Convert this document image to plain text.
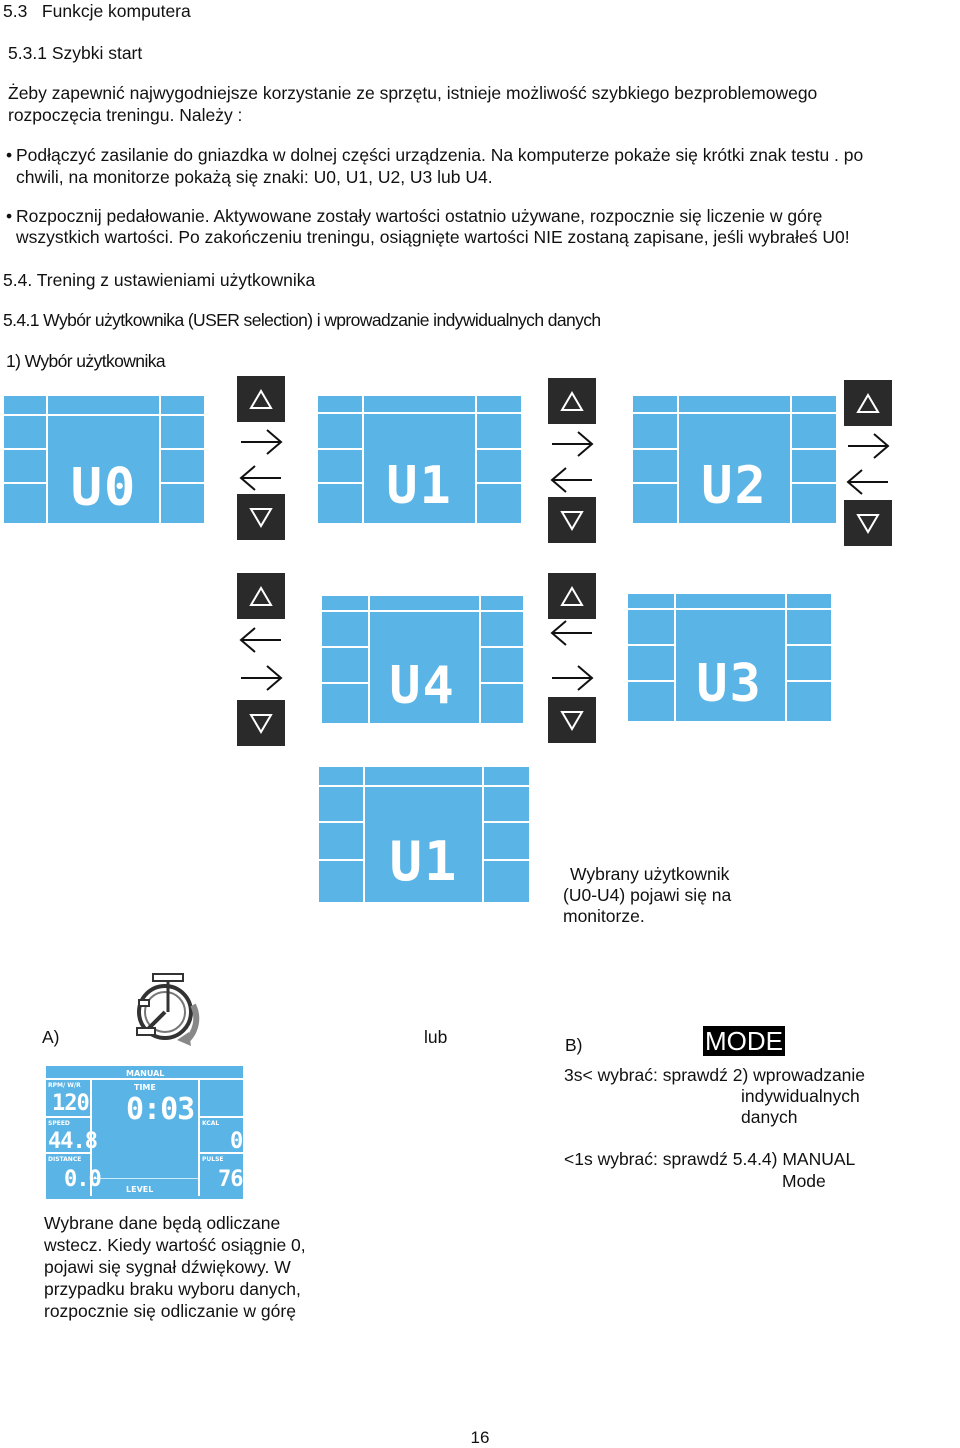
5.3 Funkcje komputera
5.3.1 Szybki start
Żeby zapewnić najwygodniejsze korzystanie ze sprzętu, istnieje możliwość szybkiego bezproblemowego rozpoczęcia treningu. Należy :
• Podłączyć zasilanie do gniazdka w dolnej części urządzenia. Na komputerze pokaże się krótki znak testu . po
chwili, na monitorze pokażą się znaki: U0, U1, U2, U3 lub U4.
• Rozpocznij pedałowanie. Aktywowane zostały wartości ostatnio używane, rozpocznie się liczenie w górę
wszystkich wartości. Po zakończeniu treningu, osiągnięte wartości NIE zostaną zapisane, jeśli wybrałeś U0!
5.4. Trening z ustawieniami użytkownika
5.4.1 Wybór użytkownika (USER selection) i wprowadzanie indywidualnych danych
1) Wybór użytkownika
U0	U1	U2
U4	U3
U1	Wybrany użytkownik
(U0-U4) pojawi się na
monitorze.
A)	lub	B)	MODE
3s< wybrać: sprawdź 2) wprowadzanie
indywidualnych
danych
<1s wybrać: sprawdź 5.4.4) MANUAL
Mode
MANUAL
RPM/ W/R
120
TIME
0:03
SPEED
44.8
KCAL
0
DISTANCE
0.0
PULSE
76
LEVEL
Wybrane dane będą odliczane
wstecz. Kiedy wartość osiągnie 0,
pojawi się sygnał dźwiękowy. W
przypadku braku wyboru danych,
rozpocznie się odliczanie w górę
16
